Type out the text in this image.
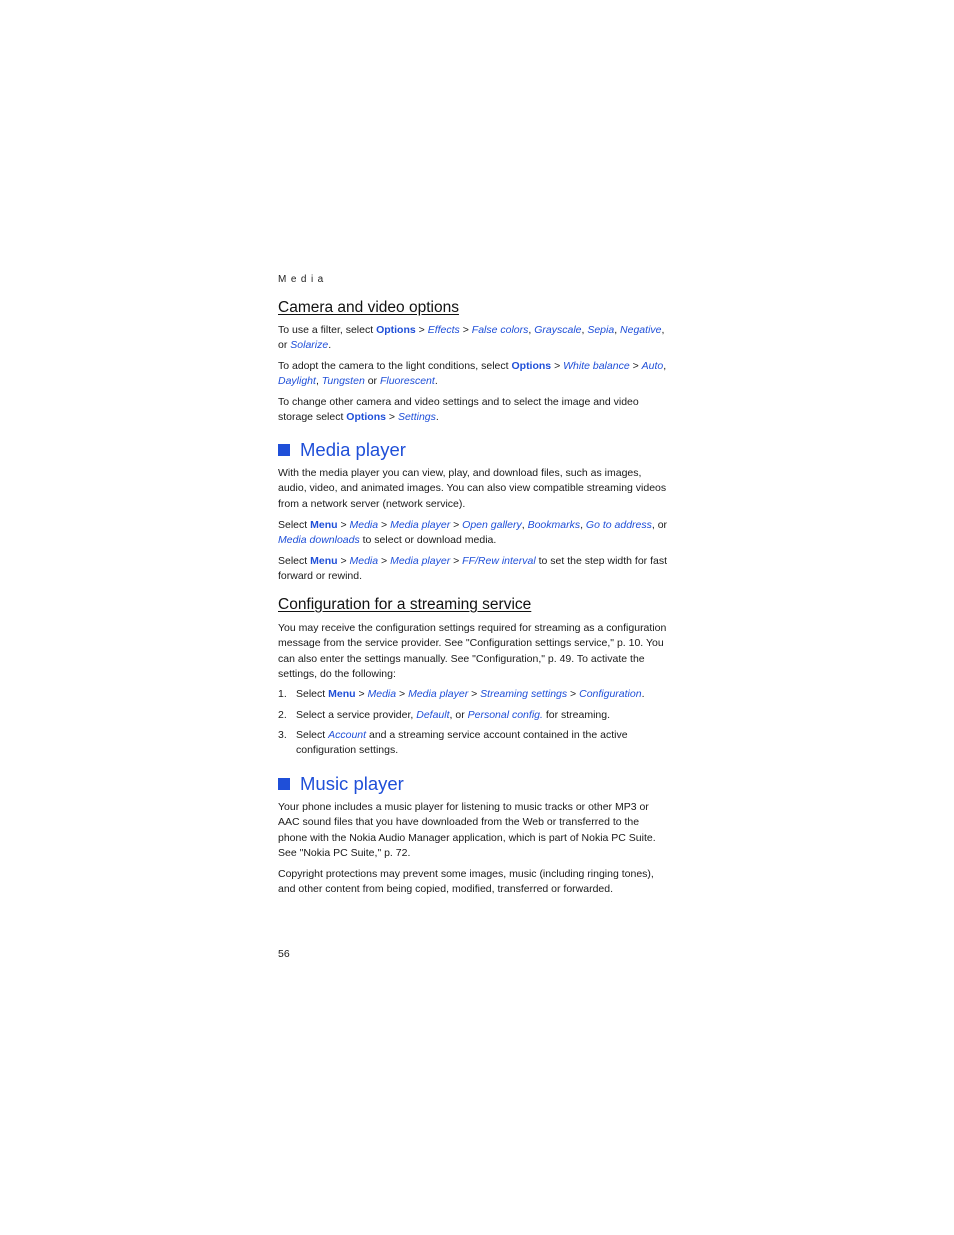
Media
Camera and video options
To use a filter, select Options > Effects > False colors, Grayscale, Sepia, Negative, or Solarize.
To adopt the camera to the light conditions, select Options > White balance > Auto, Daylight, Tungsten or Fluorescent.
To change other camera and video settings and to select the image and video storage select Options > Settings.
Media player
With the media player you can view, play, and download files, such as images, audio, video, and animated images. You can also view compatible streaming videos from a network server (network service).
Select Menu > Media > Media player > Open gallery, Bookmarks, Go to address, or Media downloads to select or download media.
Select Menu > Media > Media player > FF/Rew interval to set the step width for fast forward or rewind.
Configuration for a streaming service
You may receive the configuration settings required for streaming as a configuration message from the service provider. See "Configuration settings service," p. 10. You can also enter the settings manually. See "Configuration," p. 49. To activate the settings, do the following:
1. Select Menu > Media > Media player > Streaming settings > Configuration.
2. Select a service provider, Default, or Personal config. for streaming.
3. Select Account and a streaming service account contained in the active configuration settings.
Music player
Your phone includes a music player for listening to music tracks or other MP3 or AAC sound files that you have downloaded from the Web or transferred to the phone with the Nokia Audio Manager application, which is part of Nokia PC Suite. See "Nokia PC Suite," p. 72.
Copyright protections may prevent some images, music (including ringing tones), and other content from being copied, modified, transferred or forwarded.
56
